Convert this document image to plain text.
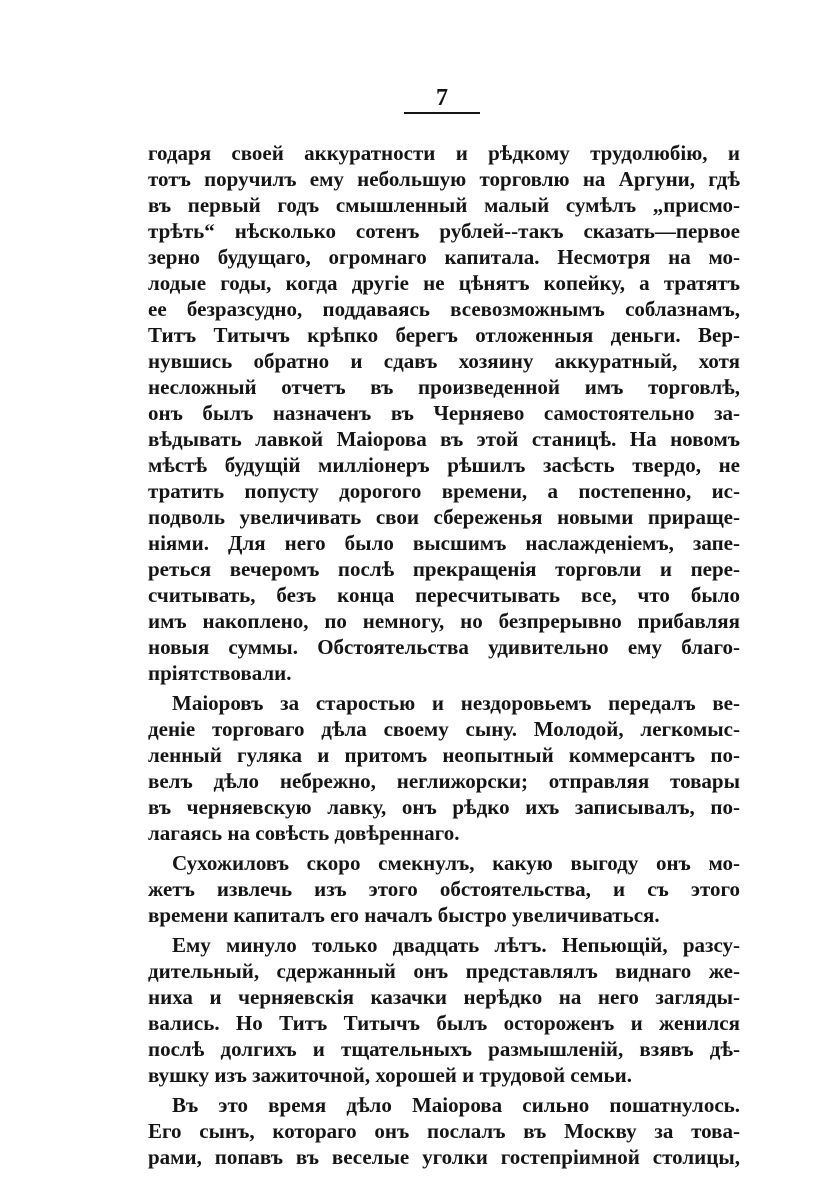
7
годаря своей аккуратности и рѣдкому трудолюбію, и
тотъ поручилъ ему небольшую торговлю на Аргуни, гдѣ
въ первый годъ смышленный малый сумѣлъ „присмо-
трѣть“ нѣсколько сотенъ рублей--такъ сказать—первое
зерно будущаго, огромнаго капитала. Несмотря на мо-
лодые годы, когда другіе не цѣнятъ копейку, а тратятъ
ее безразсудно, поддаваясь всевозможнымъ соблазнамъ,
Титъ Титычъ крѣпко берегъ отложенныя деньги. Вер-
нувшись обратно и сдавъ хозяину аккуратный, хотя
несложный отчетъ въ произведенной имъ торговлѣ,
онъ былъ назначенъ въ Черняево самостоятельно за-
вѣдывать лавкой Маіорова въ этой станицѣ. На новомъ
мѣстѣ будущій милліонеръ рѣшилъ засѣсть твердо, не
тратить попусту дорогого времени, а постепенно, ис-
подволь увеличивать свои сбереженья новыми прираще-
ніями. Для него было высшимъ наслажденіемъ, запе-
реться вечеромъ послѣ прекращенія торговли и пере-
считывать, безъ конца пересчитывать все, что было
имъ накоплено, по немногу, но безпрерывно прибавляя
новыя суммы. Обстоятельства удивительно ему благо-
пріятствовали.
Маіоровъ за старостью и нездоровьемъ передалъ ве-
деніе торговаго дѣла своему сыну. Молодой, легкомыс-
ленный гуляка и притомъ неопытный коммерсантъ по-
велъ дѣло небрежно, неглижорски; отправляя товары
въ черняевскую лавку, онъ рѣдко ихъ записывалъ, по-
лагаясь на совѣсть довѣреннаго.
Сухожиловъ скоро смекнулъ, какую выгоду онъ мо-
жетъ извлечь изъ этого обстоятельства, и съ этого
времени капиталъ его началъ быстро увеличиваться.
Ему минуло только двадцать лѣтъ. Непьющій, разсу-
дительный, сдержанный онъ представлялъ виднаго же-
ниха и черняевскія казачки нерѣдко на него загляды-
вались. Но Титъ Титычъ былъ остороженъ и женился
послѣ долгихъ и тщательныхъ размышленій, взявъ дѣ-
вушку изъ зажиточной, хорошей и трудовой семьи.
Въ это время дѣло Маіорова сильно пошатнулось.
Его сынъ, котораго онъ послалъ въ Москву за това-
рами, попавъ въ веселые уголки гостепріимной столицы,
